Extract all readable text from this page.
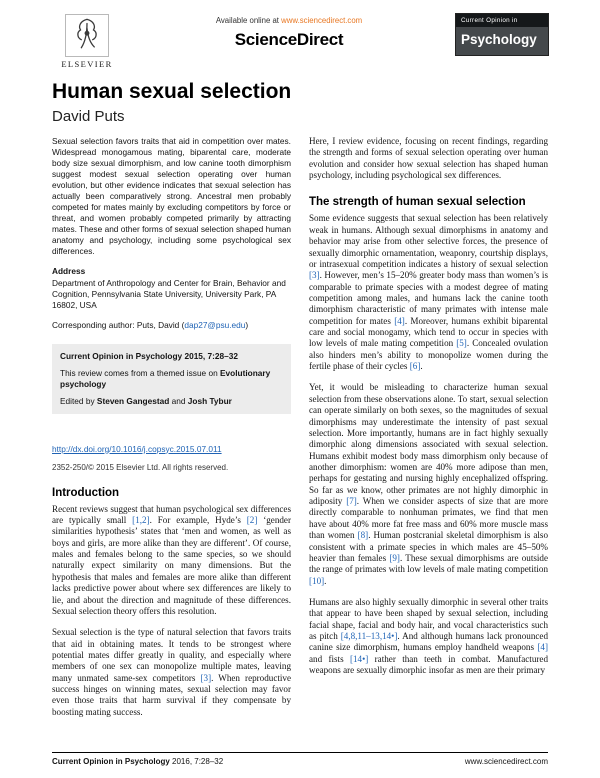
ELSEVIER
Available online at www.sciencedirect.com
ScienceDirect
Current Opinion in
Psychology
Human sexual selection
David Puts

Sexual selection favors traits that aid in competition over mates. Widespread monogamous mating, biparental care, moderate body size sexual dimorphism, and low canine tooth dimorphism suggest modest sexual selection operating over human evolution, but other evidence indicates that sexual selection has actually been comparatively strong. Ancestral men probably competed for mates mainly by excluding competitors by force or threat, and women probably competed primarily by attracting mates. These and other forms of sexual selection shaped human anatomy and psychology, including some psychological sex differences.

Address

Department of Anthropology and Center for Brain, Behavior and Cognition, Pennsylvania State University, University Park, PA 16802, USA

Corresponding author: Puts, David (dap27@psu.edu)

Current Opinion in Psychology 2015, 7:28–32

This review comes from a themed issue on Evolutionary psychology

Edited by Steven Gangestad and Josh Tybur

http://dx.doi.org/10.1016/j.copsyc.2015.07.011

2352-250/© 2015 Elsevier Ltd. All rights reserved.

Introduction

Recent reviews suggest that human psychological sex differences are typically small [1,2]. For example, Hyde’s [2] ‘gender similarities hypothesis’ states that ‘men and women, as well as boys and girls, are more alike than they are different’. Of course, males and females belong to the same species, so we should naturally expect similarity on many dimensions. But the hypothesis that males and females are more alike than different lacks predictive power about where sex differences are likely to lie, and about the direction and magnitude of these differences. Sexual selection theory offers this resolution.

Sexual selection is the type of natural selection that favors traits that aid in obtaining mates. It tends to be strongest where potential mates differ greatly in quality, and especially where members of one sex can monopolize multiple mates, leaving many unmated same-sex competitors [3]. When reproductive success hinges on winning mates, sexual selection may favor even those traits that harm survival if they compensate by boosting mating success.

Here, I review evidence, focusing on recent findings, regarding the strength and forms of sexual selection operating over human evolution and consider how sexual selection has shaped human psychology, including psychological sex differences.

The strength of human sexual selection

Some evidence suggests that sexual selection has been relatively weak in humans. Although sexual dimorphisms in anatomy and behavior may arise from other selective forces, the presence of sexually dimorphic ornamentation, weaponry, courtship displays, or intrasexual competition indicates a history of sexual selection [3]. However, men’s 15–20% greater body mass than women’s is comparable to primate species with a modest degree of mating competition among males, and humans lack the canine tooth dimorphism characteristic of many primates with intense male competition for mates [4]. Moreover, humans exhibit biparental care and social monogamy, which tend to occur in species with low levels of male mating competition [5]. Concealed ovulation also hinders men’s ability to monopolize women during the fertile phase of their cycles [6].

Yet, it would be misleading to characterize human sexual selection from these observations alone. To start, sexual selection can operate similarly on both sexes, so the magnitudes of sexual dimorphisms may underestimate the intensity of past sexual selection. More importantly, humans are in fact highly sexually dimorphic along dimensions associated with sexual selection. Humans exhibit modest body mass dimorphism only because of another dimorphism: women are 40% more adipose than men, perhaps for gestating and nursing highly encephalized offspring. So far as we know, other primates are not highly dimorphic in adiposity [7]. When we consider aspects of size that are more directly comparable to nonhuman primates, we find that men have about 40% more fat free mass and 60% more muscle mass than women [8]. Human postcranial skeletal dimorphism is also consistent with a primate species in which males are 45–50% heavier than females [9]. These sexual dimorphisms are outside the range of primates with low levels of male mating competition [10].

Humans are also highly sexually dimorphic in several other traits that appear to have been shaped by sexual selection, including facial shape, facial and body hair, and vocal characteristics such as pitch [4,8,11–13,14•]. And although humans lack pronounced canine size dimorphism, humans employ handheld weapons [4] and fists [14•] rather than teeth in combat. Manufactured weapons are sexually dimorphic insofar as men are their primary

Current Opinion in Psychology 2016, 7:28–32	www.sciencedirect.com
